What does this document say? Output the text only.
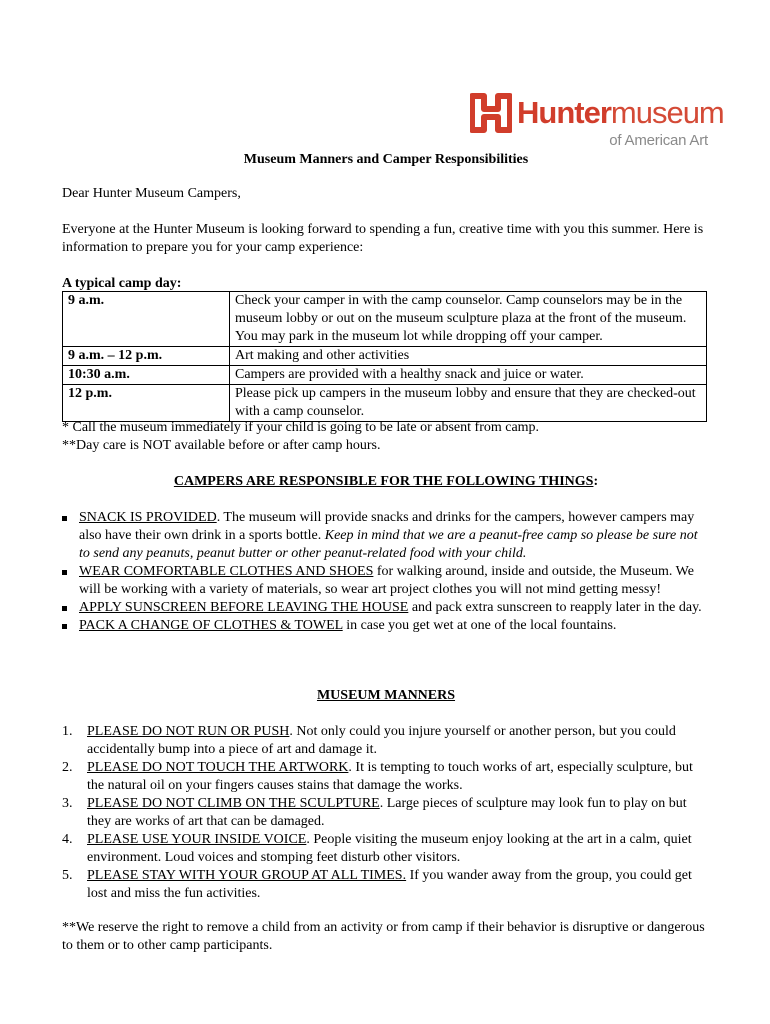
Huntermuseum
of American Art
Museum Manners and Camper Responsibilities
Dear Hunter Museum Campers,
Everyone at the Hunter Museum is looking forward to spending a fun, creative time with you this summer. Here is information to prepare you for your camp experience:
A typical camp day:
9 a.m.	Check your camper in with the camp counselor. Camp counselors may be in the museum lobby or out on the museum sculpture plaza at the front of the museum. You may park in the museum lot while dropping off your camper.
9 a.m. – 12 p.m.	Art making and other activities
10:30 a.m.	Campers are provided with a healthy snack and juice or water.
12 p.m.	Please pick up campers in the museum lobby and ensure that they are checked-out with a camp counselor.
* Call the museum immediately if your child is going to be late or absent from camp.
**Day care is NOT available before or after camp hours.
CAMPERS ARE RESPONSIBLE FOR THE FOLLOWING THINGS:
SNACK IS PROVIDED. The museum will provide snacks and drinks for the campers, however campers may also have their own drink in a sports bottle. Keep in mind that we are a peanut-free camp so please be sure not to send any peanuts, peanut butter or other peanut-related food with your child.
WEAR COMFORTABLE CLOTHES AND SHOES for walking around, inside and outside, the Museum. We will be working with a variety of materials, so wear art project clothes you will not mind getting messy!
APPLY SUNSCREEN BEFORE LEAVING THE HOUSE and pack extra sunscreen to reapply later in the day.
PACK A CHANGE OF CLOTHES & TOWEL in case you get wet at one of the local fountains.
MUSEUM MANNERS
1. PLEASE DO NOT RUN OR PUSH. Not only could you injure yourself or another person, but you could accidentally bump into a piece of art and damage it.
2. PLEASE DO NOT TOUCH THE ARTWORK. It is tempting to touch works of art, especially sculpture, but the natural oil on your fingers causes stains that damage the works.
3. PLEASE DO NOT CLIMB ON THE SCULPTURE. Large pieces of sculpture may look fun to play on but they are works of art that can be damaged.
4. PLEASE USE YOUR INSIDE VOICE. People visiting the museum enjoy looking at the art in a calm, quiet environment. Loud voices and stomping feet disturb other visitors.
5. PLEASE STAY WITH YOUR GROUP AT ALL TIMES. If you wander away from the group, you could get lost and miss the fun activities.
**We reserve the right to remove a child from an activity or from camp if their behavior is disruptive or dangerous to them or to other camp participants.
